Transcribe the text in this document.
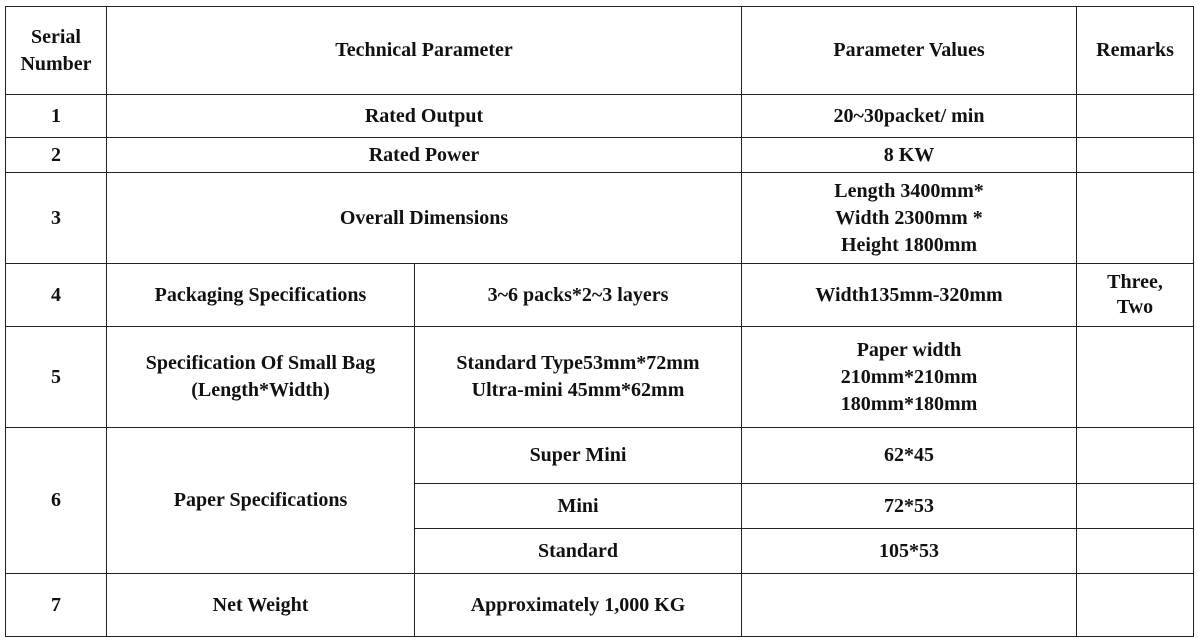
Serial
Number	Technical Parameter		Parameter Values	Remarks
1	Rated Output		20~30packet/ min	
2	Rated Power		8 KW	
3	Overall Dimensions		Length 3400mm*
Width 2300mm *
Height 1800mm	
4	Packaging Specifications	3~6 packs*2~3 layers	Width135mm-320mm	Three,
Two
5	Specification Of Small Bag
(Length*Width)	Standard Type53mm*72mm
Ultra-mini 45mm*62mm	Paper width
210mm*210mm
180mm*180mm	
6	Paper Specifications	Super Mini	62*45	
		Mini	72*53	
		Standard	105*53	
7	Net Weight	Approximately 1,000 KG		
